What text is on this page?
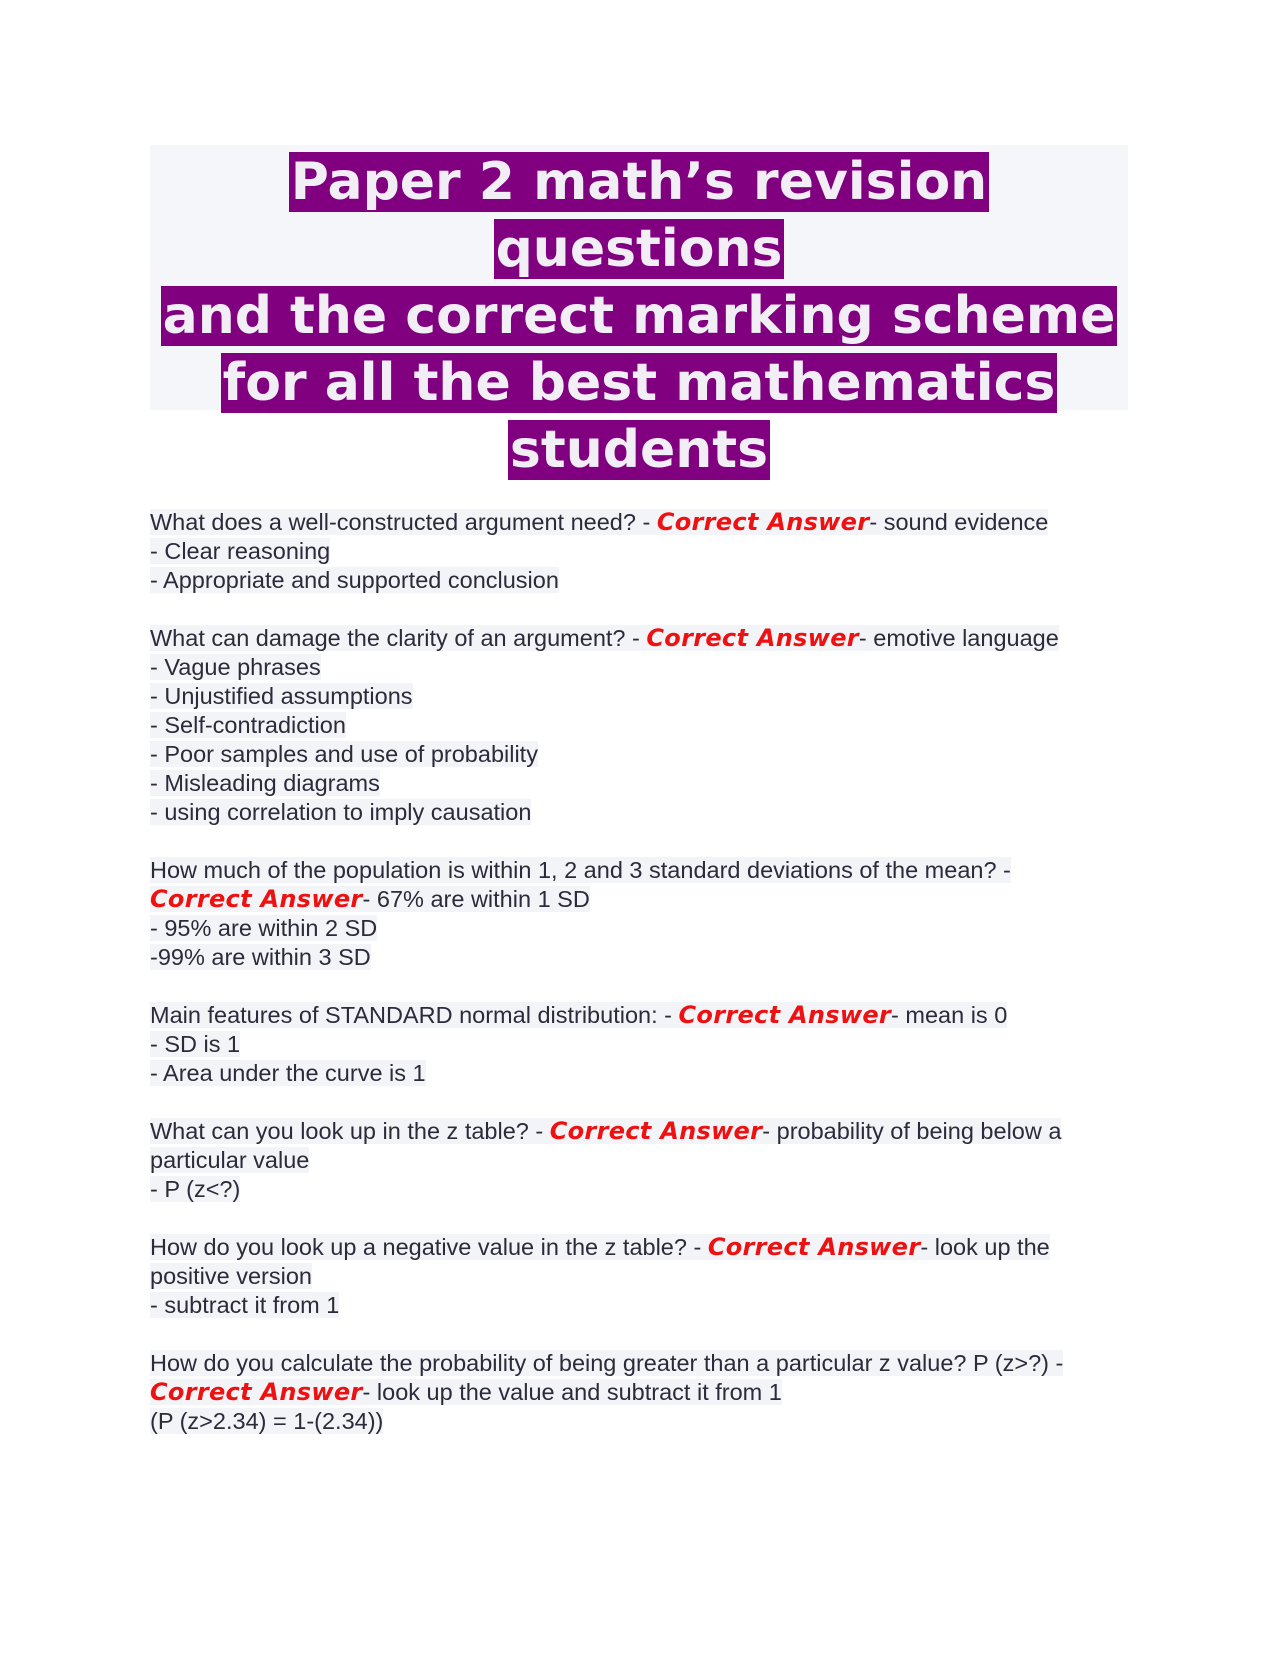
Paper 2 math’s revision questions
and the correct marking scheme
for all the best mathematics
students
What does a well-constructed argument need? - Correct Answer- sound evidence
- Clear reasoning
- Appropriate and supported conclusion
What can damage the clarity of an argument? - Correct Answer- emotive language
- Vague phrases
- Unjustified assumptions
- Self-contradiction
- Poor samples and use of probability
- Misleading diagrams
- using correlation to imply causation
How much of the population is within 1, 2 and 3 standard deviations of the mean? -
Correct Answer- 67% are within 1 SD
- 95% are within 2 SD
-99% are within 3 SD
Main features of STANDARD normal distribution: - Correct Answer- mean is 0
- SD is 1
- Area under the curve is 1
What can you look up in the z table? - Correct Answer- probability of being below a
particular value
- P (z<?)
How do you look up a negative value in the z table? - Correct Answer- look up the
positive version
- subtract it from 1
How do you calculate the probability of being greater than a particular z value? P (z>?) -
Correct Answer- look up the value and subtract it from 1
(P (z>2.34) = 1-(2.34))
